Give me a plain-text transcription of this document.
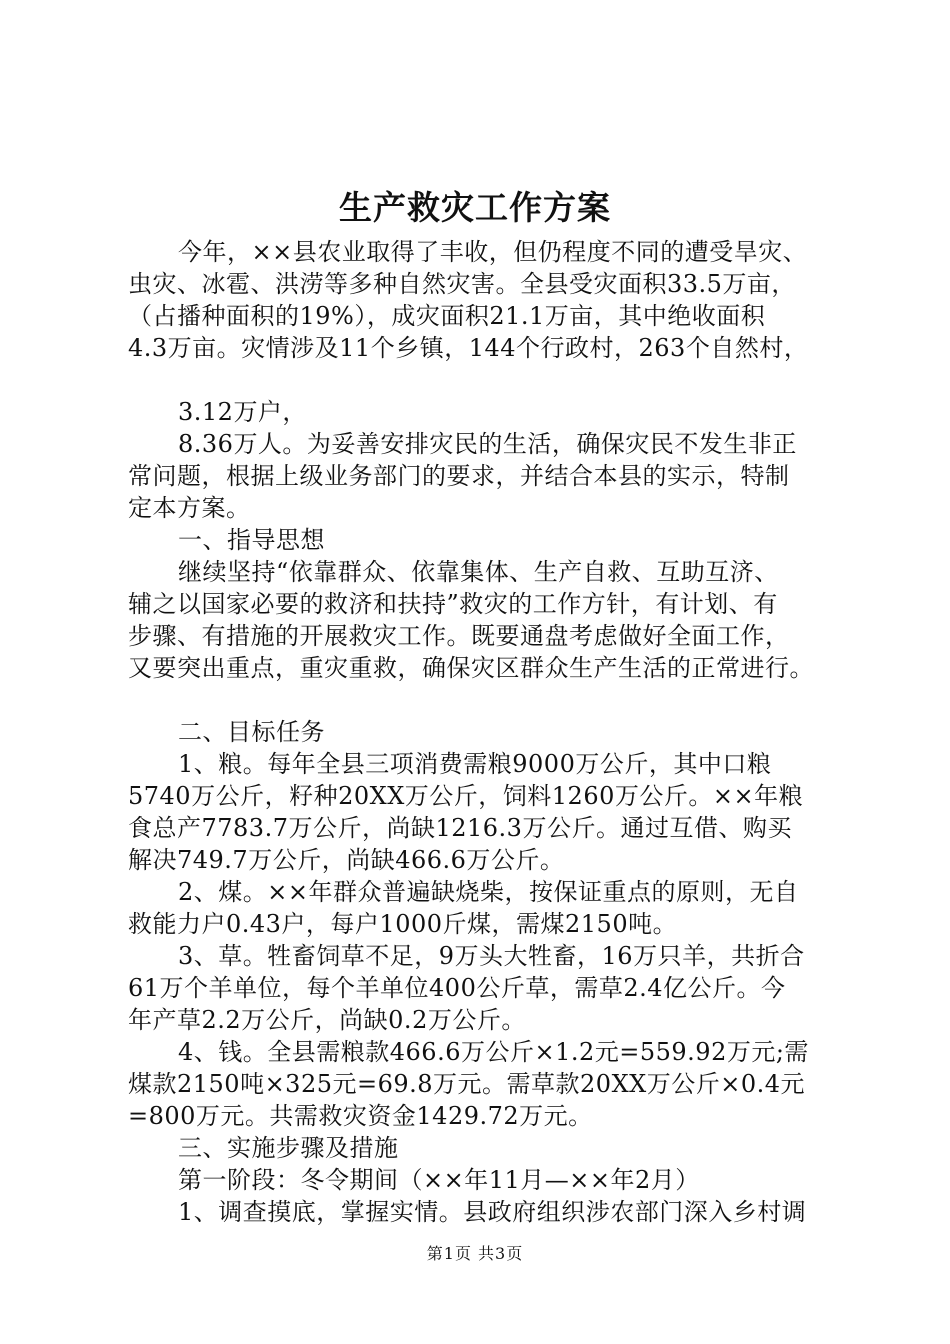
生产救灾工作方案
今年，××县农业取得了丰收，但仍程度不同的遭受旱灾、
虫灾、冰雹、洪涝等多种自然灾害。全县受灾面积33.5万亩，
（占播种面积的19%），成灾面积21.1万亩，其中绝收面积
4.3万亩。灾情涉及11个乡镇，144个行政村，263个自然村，
3.12万户，
8.36万人。为妥善安排灾民的生活，确保灾民不发生非正
常问题，根据上级业务部门的要求，并结合本县的实示，特制
定本方案。
一、指导思想
继续坚持“依靠群众、依靠集体、生产自救、互助互济、
辅之以国家必要的救济和扶持”救灾的工作方针，有计划、有
步骤、有措施的开展救灾工作。既要通盘考虑做好全面工作，
又要突出重点，重灾重救，确保灾区群众生产生活的正常进行。
二、目标任务
1、粮。每年全县三项消费需粮9000万公斤，其中口粮
5740万公斤，籽种20XX万公斤，饲料1260万公斤。××年粮
食总产7783.7万公斤，尚缺1216.3万公斤。通过互借、购买
解决749.7万公斤，尚缺466.6万公斤。
2、煤。××年群众普遍缺烧柴，按保证重点的原则，无自
救能力户0.43户，每户1000斤煤，需煤2150吨。
3、草。牲畜饲草不足，9万头大牲畜，16万只羊，共折合
61万个羊单位，每个羊单位400公斤草，需草2.4亿公斤。今
年产草2.2万公斤，尚缺0.2万公斤。
4、钱。全县需粮款466.6万公斤×1.2元=559.92万元;需
煤款2150吨×325元=69.8万元。需草款20XX万公斤×0.4元
=800万元。共需救灾资金1429.72万元。
三、实施步骤及措施
第一阶段：冬令期间（××年11月—××年2月）
1、调查摸底，掌握实情。县政府组织涉农部门深入乡村调
第1页 共3页
